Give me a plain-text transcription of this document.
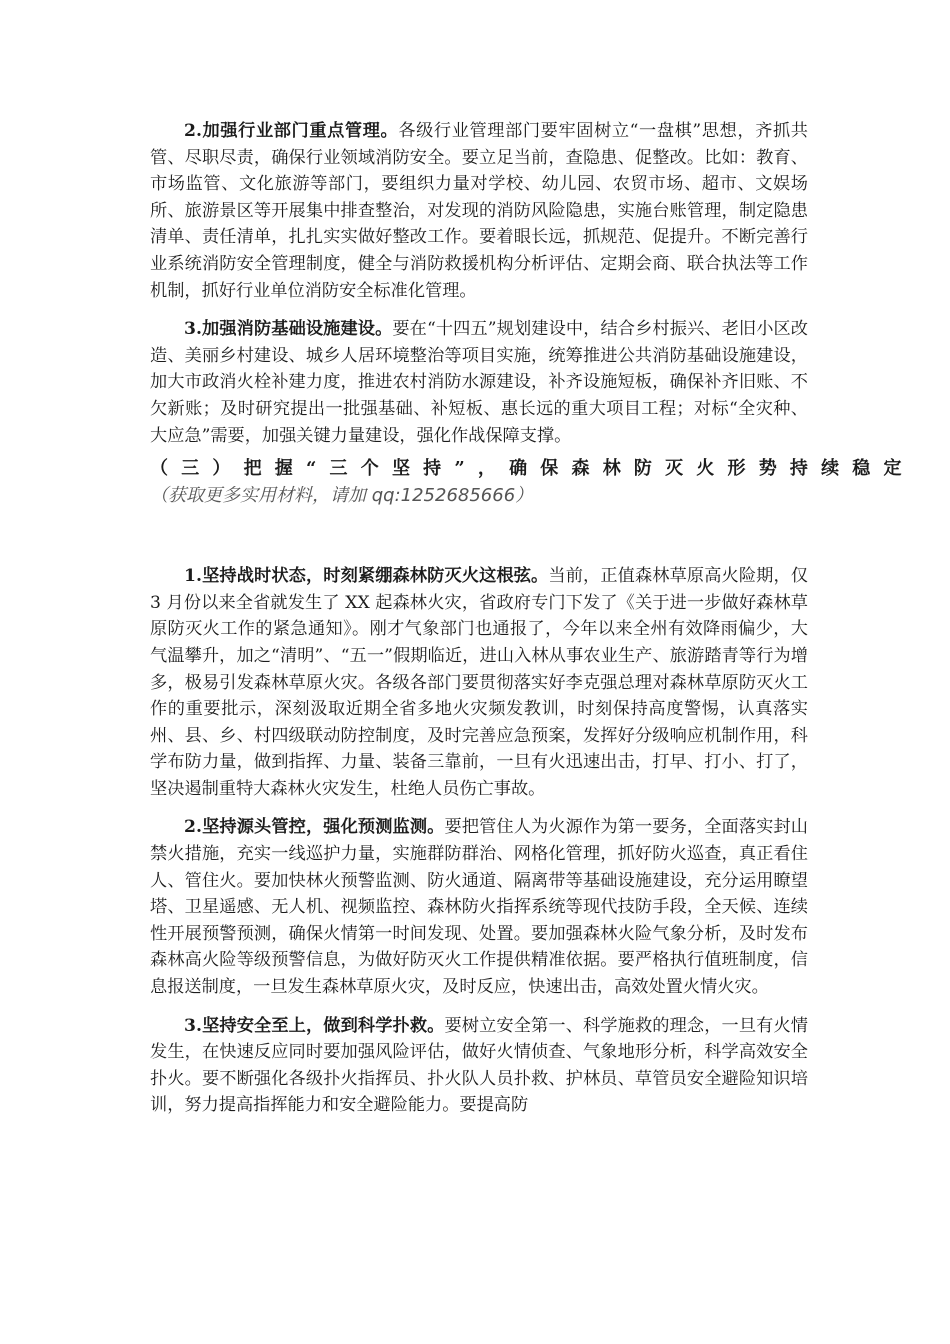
2.加强行业部门重点管理。各级行业管理部门要牢固树立“一盘棋”思想，齐抓共管、尽职尽责，确保行业领域消防安全。要立足当前，查隐患、促整改。比如：教育、市场监管、文化旅游等部门，要组织力量对学校、幼儿园、农贸市场、超市、文娱场所、旅游景区等开展集中排查整治，对发现的消防风险隐患，实施台账管理，制定隐患清单、责任清单，扎扎实实做好整改工作。要着眼长远，抓规范、促提升。不断完善行业系统消防安全管理制度，健全与消防救援机构分析评估、定期会商、联合执法等工作机制，抓好行业单位消防安全标准化管理。

3.加强消防基础设施建设。要在“十四五”规划建设中，结合乡村振兴、老旧小区改造、美丽乡村建设、城乡人居环境整治等项目实施，统筹推进公共消防基础设施建设，加大市政消火栓补建力度，推进农村消防水源建设，补齐设施短板，确保补齐旧账、不欠新账；及时研究提出一批强基础、补短板、惠长远的重大项目工程；对标“全灾种、大应急”需要，加强关键力量建设，强化作战保障支撑。

（三）把握“三个坚持”，确保森林防灭火形势持续稳定

（获取更多实用材料，请加 qq:1252685666）

1.坚持战时状态，时刻紧绷森林防灭火这根弦。当前，正值森林草原高火险期，仅 3 月份以来全省就发生了 XX 起森林火灾，省政府专门下发了《关于进一步做好森林草原防灭火工作的紧急通知》。刚才气象部门也通报了，今年以来全州有效降雨偏少，大气温攀升，加之“清明”、“五一”假期临近，进山入林从事农业生产、旅游踏青等行为增多，极易引发森林草原火灾。各级各部门要贯彻落实好李克强总理对森林草原防灭火工作的重要批示，深刻汲取近期全省多地火灾频发教训，时刻保持高度警惕，认真落实州、县、乡、村四级联动防控制度，及时完善应急预案，发挥好分级响应机制作用，科学布防力量，做到指挥、力量、装备三靠前，一旦有火迅速出击，打早、打小、打了，坚决遏制重特大森林火灾发生，杜绝人员伤亡事故。

2.坚持源头管控，强化预测监测。要把管住人为火源作为第一要务，全面落实封山禁火措施，充实一线巡护力量，实施群防群治、网格化管理，抓好防火巡查，真正看住人、管住火。要加快林火预警监测、防火通道、隔离带等基础设施建设，充分运用瞭望塔、卫星遥感、无人机、视频监控、森林防火指挥系统等现代技防手段，全天候、连续性开展预警预测，确保火情第一时间发现、处置。要加强森林火险气象分析，及时发布森林高火险等级预警信息，为做好防灭火工作提供精准依据。要严格执行值班制度，信息报送制度，一旦发生森林草原火灾，及时反应，快速出击，高效处置火情火灾。

3.坚持安全至上，做到科学扑救。要树立安全第一、科学施救的理念，一旦有火情发生，在快速反应同时要加强风险评估，做好火情侦查、气象地形分析，科学高效安全扑火。要不断强化各级扑火指挥员、扑火队人员扑救、护林员、草管员安全避险知识培训，努力提高指挥能力和安全避险能力。要提高防
